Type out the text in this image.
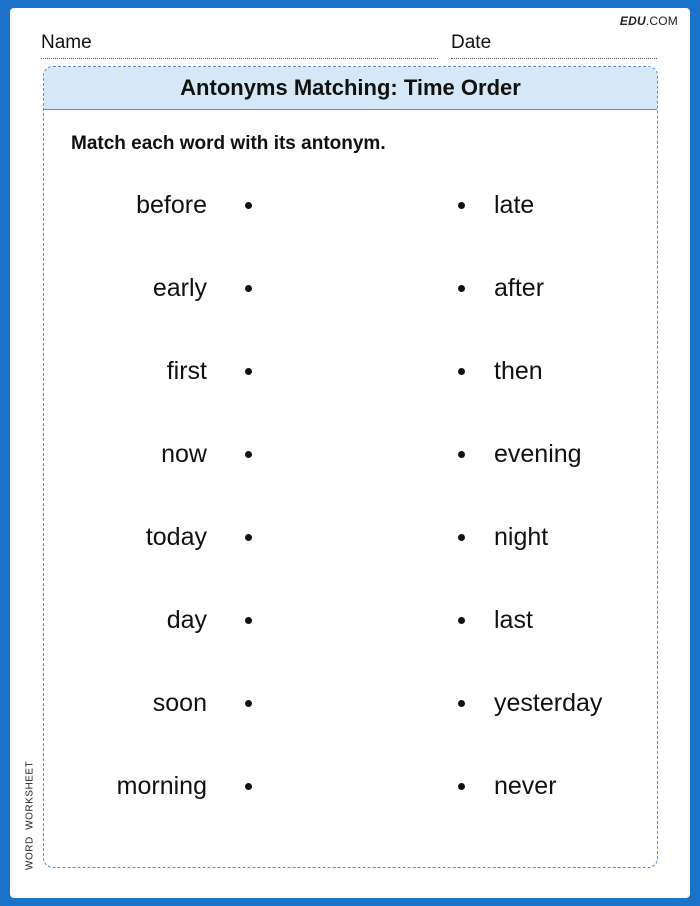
EDU.COM
Name	Date
Antonyms Matching: Time Order
Match each word with its antonym.
before	late
early	after
first	then
now	evening
today	night
day	last
soon	yesterday
morning	never
WORD  WORKSHEET
